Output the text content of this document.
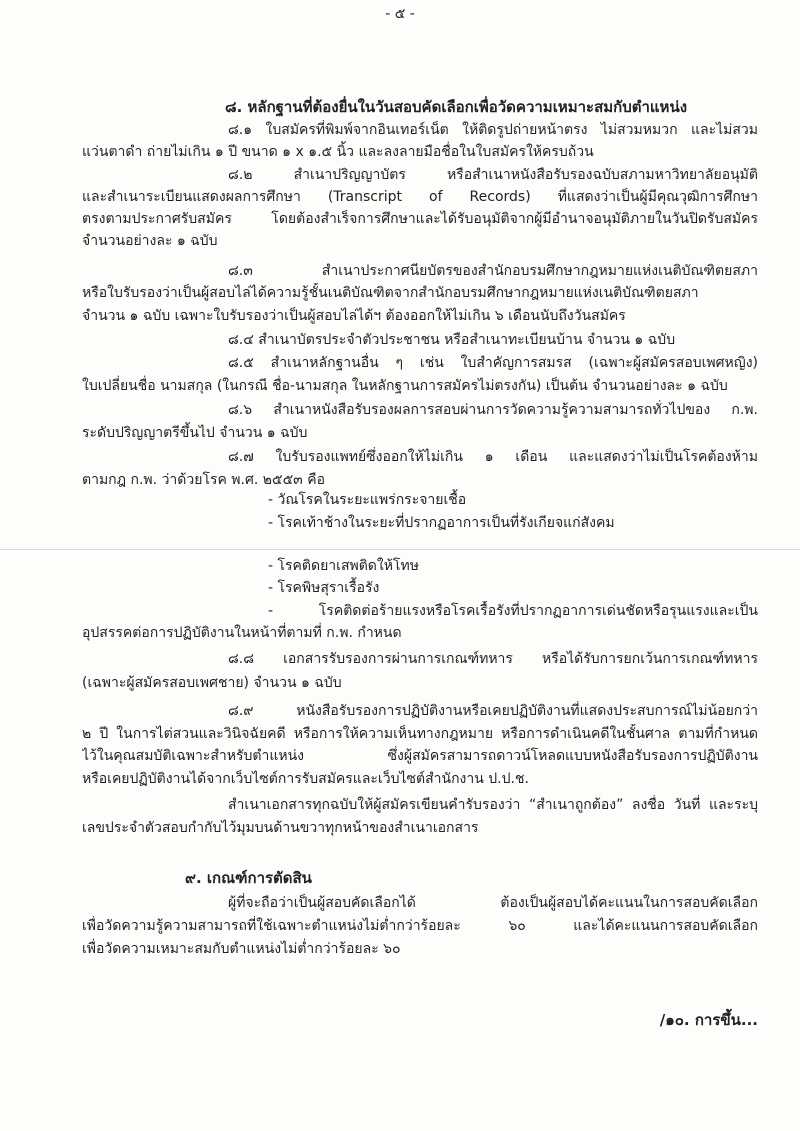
- ๕ -
๘. หลักฐานที่ต้องยื่นในวันสอบคัดเลือกเพื่อวัดความเหมาะสมกับตำแหน่ง
๘.๑ ใบสมัครที่พิมพ์จากอินเทอร์เน็ต ให้ติดรูปถ่ายหน้าตรง ไม่สวมหมวก และไม่สวม
แว่นตาดำ ถ่ายไม่เกิน ๑ ปี ขนาด ๑ x ๑.๕ นิ้ว และลงลายมือชื่อในใบสมัครให้ครบถ้วน
๘.๒ สำเนาปริญญาบัตร หรือสำเนาหนังสือรับรองฉบับสภามหาวิทยาลัยอนุมัติ
และสำเนาระเบียนแสดงผลการศึกษา (Transcript of Records) ที่แสดงว่าเป็นผู้มีคุณวุฒิการศึกษา
ตรงตามประกาศรับสมัคร โดยต้องสำเร็จการศึกษาและได้รับอนุมัติจากผู้มีอำนาจอนุมัติภายในวันปิดรับสมัคร
จำนวนอย่างละ ๑ ฉบับ
๘.๓ สำเนาประกาศนียบัตรของสำนักอบรมศึกษากฎหมายแห่งเนติบัณฑิตยสภา
หรือใบรับรองว่าเป็นผู้สอบไล่ได้ความรู้ชั้นเนติบัณฑิตจากสำนักอบรมศึกษากฎหมายแห่งเนติบัณฑิตยสภา
จำนวน ๑ ฉบับ เฉพาะใบรับรองว่าเป็นผู้สอบไล่ได้ฯ ต้องออกให้ไม่เกิน ๖ เดือนนับถึงวันสมัคร
๘.๔ สำเนาบัตรประจำตัวประชาชน หรือสำเนาทะเบียนบ้าน จำนวน ๑ ฉบับ
๘.๕ สำเนาหลักฐานอื่น ๆ เช่น ใบสำคัญการสมรส (เฉพาะผู้สมัครสอบเพศหญิง)
ใบเปลี่ยนชื่อ นามสกุล (ในกรณี ชื่อ-นามสกุล ในหลักฐานการสมัครไม่ตรงกัน) เป็นต้น จำนวนอย่างละ ๑ ฉบับ
๘.๖ สำเนาหนังสือรับรองผลการสอบผ่านการวัดความรู้ความสามารถทั่วไปของ ก.พ.
ระดับปริญญาตรีขึ้นไป จำนวน ๑ ฉบับ
๘.๗ ใบรับรองแพทย์ซึ่งออกให้ไม่เกิน ๑ เดือน และแสดงว่าไม่เป็นโรคต้องห้าม
ตามกฎ ก.พ. ว่าด้วยโรค พ.ศ. ๒๕๕๓ คือ
- วัณโรคในระยะแพร่กระจายเชื้อ
- โรคเท้าช้างในระยะที่ปรากฏอาการเป็นที่รังเกียจแก่สังคม
- โรคติดยาเสพติดให้โทษ
- โรคพิษสุราเรื้อรัง
- โรคติดต่อร้ายแรงหรือโรคเรื้อรังที่ปรากฏอาการเด่นชัดหรือรุนแรงและเป็น
อุปสรรคต่อการปฏิบัติงานในหน้าที่ตามที่ ก.พ. กำหนด
๘.๘ เอกสารรับรองการผ่านการเกณฑ์ทหาร หรือได้รับการยกเว้นการเกณฑ์ทหาร
(เฉพาะผู้สมัครสอบเพศชาย) จำนวน ๑ ฉบับ
๘.๙ หนังสือรับรองการปฏิบัติงานหรือเคยปฏิบัติงานที่แสดงประสบการณ์ไม่น้อยกว่า
๒ ปี ในการไต่สวนและวินิจฉัยคดี หรือการให้ความเห็นทางกฎหมาย หรือการดำเนินคดีในชั้นศาล ตามที่กำหนด
ไว้ในคุณสมบัติเฉพาะสำหรับตำแหน่ง ซึ่งผู้สมัครสามารถดาวน์โหลดแบบหนังสือรับรองการปฏิบัติงาน
หรือเคยปฏิบัติงานได้จากเว็บไซต์การรับสมัครและเว็บไซต์สำนักงาน ป.ป.ช.
สำเนาเอกสารทุกฉบับให้ผู้สมัครเขียนคำรับรองว่า “สำเนาถูกต้อง” ลงชื่อ วันที่ และระบุ
เลขประจำตัวสอบกำกับไว้มุมบนด้านขวาทุกหน้าของสำเนาเอกสาร
๙. เกณฑ์การตัดสิน
ผู้ที่จะถือว่าเป็นผู้สอบคัดเลือกได้ ต้องเป็นผู้สอบได้คะแนนในการสอบคัดเลือก
เพื่อวัดความรู้ความสามารถที่ใช้เฉพาะตำแหน่งไม่ต่ำกว่าร้อยละ ๖๐ และได้คะแนนการสอบคัดเลือก
เพื่อวัดความเหมาะสมกับตำแหน่งไม่ต่ำกว่าร้อยละ ๖๐
/๑๐. การขึ้น...
